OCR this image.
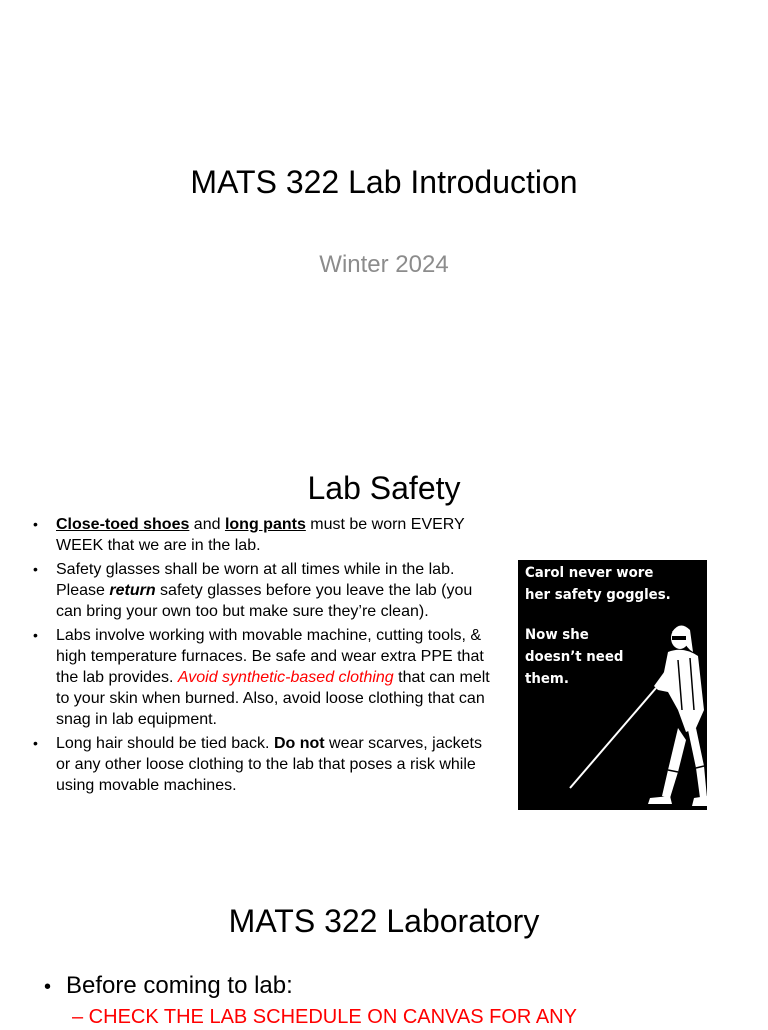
MATS 322 Lab Introduction
Winter 2024
Lab Safety
• Close-toed shoes and long pants must be worn EVERY WEEK that we are in the lab.
• Safety glasses shall be worn at all times while in the lab. Please return safety glasses before you leave the lab (you can bring your own too but make sure they’re clean).
• Labs involve working with movable machine, cutting tools, & high temperature furnaces. Be safe and wear extra PPE that the lab provides. Avoid synthetic-based clothing that can melt to your skin when burned. Also, avoid loose clothing that can snag in lab equipment.
• Long hair should be tied back. Do not wear scarves, jackets or any other loose clothing to the lab that poses a risk while using movable machines.
Carol never wore
her safety goggles.
Now she
doesn’t need
them.
MATS 322 Laboratory
• Before coming to lab:
– CHECK THE LAB SCHEDULE ON CANVAS FOR ANY
